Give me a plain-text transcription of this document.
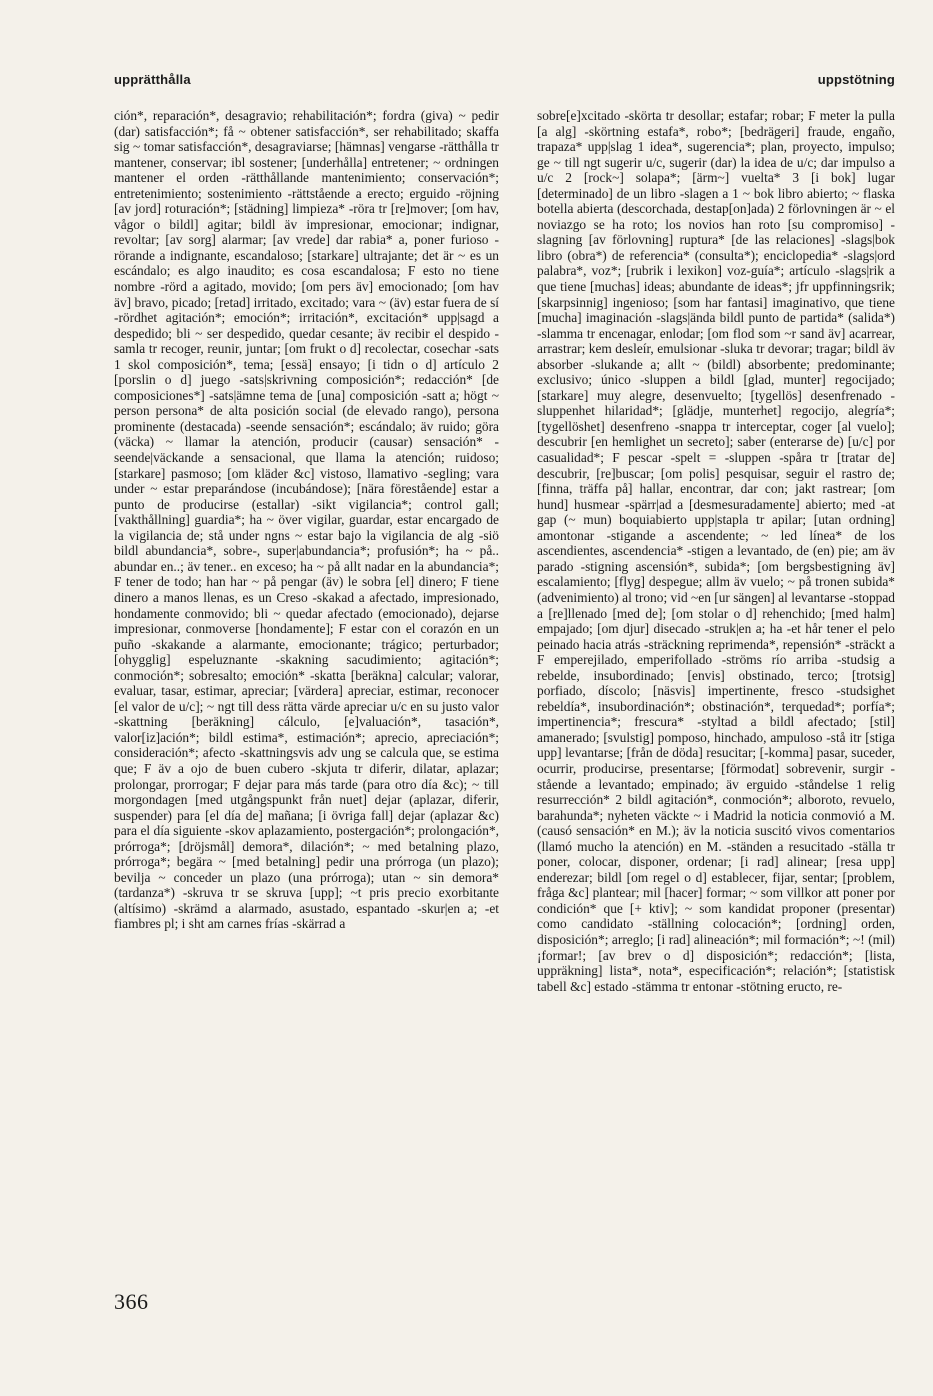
upprätthålla	uppstötning

ción*, reparación*, desagravio; rehabilitación*; fordra (giva) ~ pedir (dar) satisfacción*; få ~ obtener satisfacción*, ser rehabilitado; skaffa sig ~ tomar satisfacción*, desagraviarse; [hämnas] vengarse -rätthålla tr mantener, conservar; ibl sostener; [underhålla] entretener; ~ ordningen mantener el orden -rätthållande mantenimiento; conservación*; entretenimiento; sostenimiento -rättstående a erecto; erguido -röjning [av jord] roturación*; [städning] limpieza* -röra tr [re]mover; [om hav, vågor o bildl] agitar; bildl äv impresionar, emocionar; indignar, revoltar; [av sorg] alarmar; [av vrede] dar rabia* a, poner furioso -rörande a indignante, escandaloso; [starkare] ultrajante; det är ~ es un escándalo; es algo inaudito; es cosa escandalosa; F esto no tiene nombre -rörd a agitado, movido; [om pers äv] emocionado; [om hav äv] bravo, picado; [retad] irritado, excitado; vara ~ (äv) estar fuera de sí -rördhet agitación*; emoción*; irritación*, excitación* upp|sagd a despedido; bli ~ ser despedido, quedar cesante; äv recibir el despido -samla tr recoger, reunir, juntar; [om frukt o d] recolectar, cosechar -sats 1 skol composición*, tema; [essä] ensayo; [i tidn o d] artículo 2 [porslin o d] juego -sats|skrivning composición*; redacción* [de composiciones*] -sats|ämne tema de [una] composición -satt a; högt ~ person persona* de alta posición social (de elevado rango), persona prominente (destacada) -seende sensación*; escándalo; äv ruido; göra (väcka) ~ llamar la atención, producir (causar) sensación* -seende|väckande a sensacional, que llama la atención; ruidoso; [starkare] pasmoso; [om kläder &c] vistoso, llamativo -segling; vara under ~ estar preparándose (incubándose); [nära förestående] estar a punto de producirse (estallar) -sikt vigilancia*; control gall; [vakthållning] guardia*; ha ~ över vigilar, guardar, estar encargado de la vigilancia de; stå under ngns ~ estar bajo la vigilancia de alg -siö bildl abundancia*, sobre-, super|abundancia*; profusión*; ha ~ på.. abundar en..; äv tener.. en exceso; ha ~ på allt nadar en la abundancia*; F tener de todo; han har ~ på pengar (äv) le sobra [el] dinero; F tiene dinero a manos llenas, es un Creso -skakad a afectado, impresionado, hondamente conmovido; bli ~ quedar afectado (emocionado), dejarse impresionar, conmoverse [hondamente]; F estar con el corazón en un puño -skakande a alarmante, emocionante; trágico; perturbador; [ohygglig] espeluznante -skakning sacudimiento; agitación*; conmoción*; sobresalto; emoción* -skatta [beräkna] calcular; valorar, evaluar, tasar, estimar, apreciar; [värdera] apreciar, estimar, reconocer [el valor de u/c]; ~ ngt till dess rätta värde apreciar u/c en su justo valor -skattning [beräkning] cálculo, [e]valuación*, tasación*, valor[iz]ación*; bildl estima*, estimación*; aprecio, apreciación*; consideración*; afecto -skattningsvis adv ung se calcula que, se estima que; F äv a ojo de buen cubero -skjuta tr diferir, dilatar, aplazar; prolongar, prorrogar; F dejar para más tarde (para otro día &c); ~ till morgondagen [med utgångspunkt från nuet] dejar (aplazar, diferir, suspender) para [el día de] mañana; [i övriga fall] dejar (aplazar &c) para el día siguiente -skov aplazamiento, postergación*; prolongación*, prórroga*; [dröjsmål] demora*, dilación*; ~ med betalning plazo, prórroga*; begära ~ [med betalning] pedir una prórroga (un plazo); bevilja ~ conceder un plazo (una prórroga); utan ~ sin demora* (tardanza*) -skruva tr se skruva [upp]; ~t pris precio exorbitante (altísimo) -skrämd a alarmado, asustado, espantado -skur|en a; -et fiambres pl; i sht am carnes frías -skärrad a

sobre[e]xcitado -skörta tr desollar; estafar; robar; F meter la pulla [a alg] -skörtning estafa*, robo*; [bedrägeri] fraude, engaño, trapaza* upp|slag 1 idea*, sugerencia*; plan, proyecto, impulso; ge ~ till ngt sugerir u/c, sugerir (dar) la idea de u/c; dar impulso a u/c 2 [rock~] solapa*; [ärm~] vuelta* 3 [i bok] lugar [determinado] de un libro -slagen a 1 ~ bok libro abierto; ~ flaska botella abierta (descorchada, destap[on]ada) 2 förlovningen är ~ el noviazgo se ha roto; los novios han roto [su compromiso] -slagning [av förlovning] ruptura* [de las relaciones] -slags|bok libro (obra*) de referencia* (consulta*); enciclopedia* -slags|ord palabra*, voz*; [rubrik i lexikon] voz-guía*; artículo -slags|rik a que tiene [muchas] ideas; abundante de ideas*; jfr uppfinningsrik; [skarpsinnig] ingenioso; [som har fantasi] imaginativo, que tiene [mucha] imaginación -slags|ända bildl punto de partida* (salida*) -slamma tr encenagar, enlodar; [om flod som ~r sand äv] acarrear, arrastrar; kem desleír, emulsionar -sluka tr devorar; tragar; bildl äv absorber -slukande a; allt ~ (bildl) absorbente; predominante; exclusivo; único -sluppen a bildl [glad, munter] regocijado; [starkare] muy alegre, desenvuelto; [tygellös] desenfrenado -sluppenhet hilaridad*; [glädje, munterhet] regocijo, alegría*; [tygellöshet] desenfreno -snappa tr interceptar, coger [al vuelo]; descubrir [en hemlighet un secreto]; saber (enterarse de) [u/c] por casualidad*; F pescar -spelt = -sluppen -spåra tr [tratar de] descubrir, [re]buscar; [om polis] pesquisar, seguir el rastro de; [finna, träffa på] hallar, encontrar, dar con; jakt rastrear; [om hund] husmear -spärr|ad a [desmesuradamente] abierto; med -at gap (~ mun) boquiabierto upp|stapla tr apilar; [utan ordning] amontonar -stigande a ascendente; ~ led línea* de los ascendientes, ascendencia* -stigen a levantado, de (en) pie; am äv parado -stigning ascensión*, subida*; [om bergsbestigning äv] escalamiento; [flyg] despegue; allm äv vuelo; ~ på tronen subida* (advenimiento) al trono; vid ~en [ur sängen] al levantarse -stoppad a [re]llenado [med de]; [om stolar o d] rehenchido; [med halm] empajado; [om djur] disecado -struk|en a; ha -et hår tener el pelo peinado hacia atrás -sträckning reprimenda*, repensión* -sträckt a F emperejilado, emperifollado -ströms río arriba -studsig a rebelde, insubordinado; [envis] obstinado, terco; [trotsig] porfiado, díscolo; [näsvis] impertinente, fresco -studsighet rebeldía*, insubordinación*; obstinación*, terquedad*; porfía*; impertinencia*; frescura* -styltad a bildl afectado; [stil] amanerado; [svulstig] pomposo, hinchado, ampuloso -stå itr [stiga upp] levantarse; [från de döda] resucitar; [-komma] pasar, suceder, ocurrir, producirse, presentarse; [förmodat] sobrevenir, surgir -stående a levantado; empinado; äv erguido -ståndelse 1 relig resurrección* 2 bildl agitación*, conmoción*; alboroto, revuelo, barahunda*; nyheten väckte ~ i Madrid la noticia conmovió a M. (causó sensación* en M.); äv la noticia suscitó vivos comentarios (llamó mucho la atención) en M. -ständen a resucitado -ställa tr poner, colocar, disponer, ordenar; [i rad] alinear; [resa upp] enderezar; bildl [om regel o d] establecer, fijar, sentar; [problem, fråga &c] plantear; mil [hacer] formar; ~ som villkor att poner por condición* que [+ ktiv]; ~ som kandidat proponer (presentar) como candidato -ställning colocación*; [ordning] orden, disposición*; arreglo; [i rad] alineación*; mil formación*; ~! (mil) ¡formar!; [av brev o d] disposición*; redacción*; [lista, uppräkning] lista*, nota*, especificación*; relación*; [statistisk tabell &c] estado -stämma tr entonar -stötning eructo, re-

366
